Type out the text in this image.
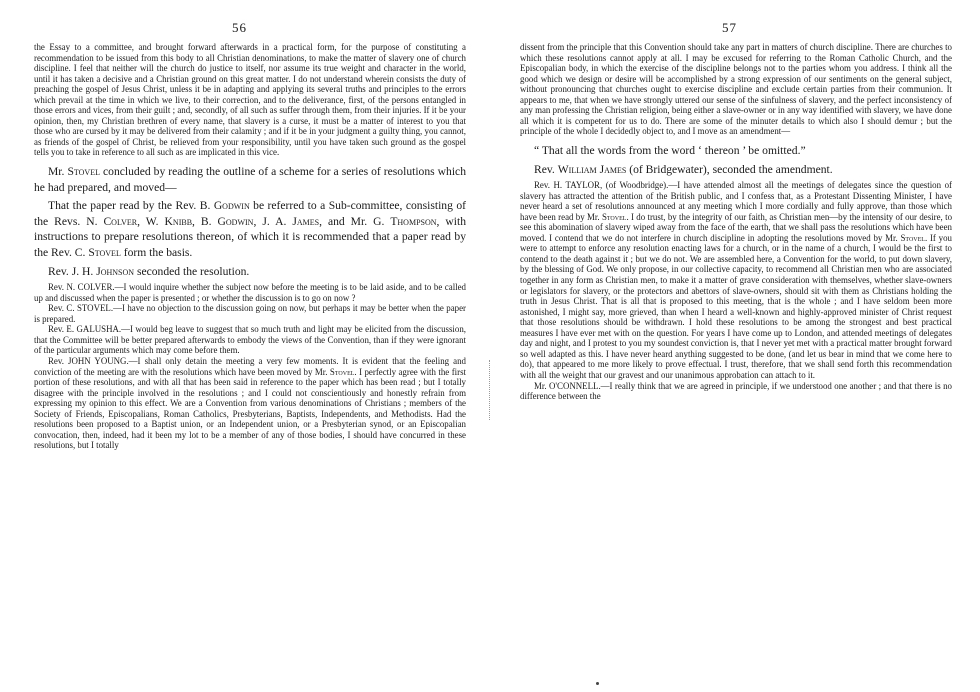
56

the Essay to a committee, and brought forward afterwards in a practical form, for the purpose of constituting a recommendation to be issued from this body to all Christian denominations, to make the matter of slavery one of church discipline. I feel that neither will the church do justice to itself, nor assume its true weight and character in the world, until it has taken a decisive and a Christian ground on this great matter. I do not understand wherein consists the duty of preaching the gospel of Jesus Christ, unless it be in adapting and applying its several truths and principles to the errors which prevail at the time in which we live, to their correction, and to the deliverance, first, of the persons entangled in those errors and vices, from their guilt ; and, secondly, of all such as suffer through them, from their injuries. If it be your opinion, then, my Christian brethren of every name, that slavery is a curse, it must be a matter of interest to you that those who are cursed by it may be delivered from their calamity ; and if it be in your judgment a guilty thing, you cannot, as friends of the gospel of Christ, be relieved from your responsibility, until you have taken such ground as the gospel tells you to take in reference to all such as are implicated in this vice.

Mr. Stovel concluded by reading the outline of a scheme for a series of resolutions which he had prepared, and moved—

That the paper read by the Rev. B. Godwin be referred to a Sub-committee, consisting of the Revs. N. Colver, W. Knibb, B. Godwin, J. A. James, and Mr. G. Thompson, with instructions to prepare resolutions thereon, of which it is recommended that a paper read by the Rev. C. Stovel form the basis.

Rev. J. H. Johnson seconded the resolution.

Rev. N. COLVER.—I would inquire whether the subject now before the meeting is to be laid aside, and to be called up and discussed when the paper is presented ; or whether the discussion is to go on now ?

Rev. C. STOVEL.—I have no objection to the discussion going on now, but perhaps it may be better when the paper is prepared.

Rev. E. GALUSHA.—I would beg leave to suggest that so much truth and light may be elicited from the discussion, that the Committee will be better prepared afterwards to embody the views of the Convention, than if they were ignorant of the particular arguments which may come before them.

Rev. JOHN YOUNG.—I shall only detain the meeting a very few moments. It is evident that the feeling and conviction of the meeting are with the resolutions which have been moved by Mr. Stovel. I perfectly agree with the first portion of these resolutions, and with all that has been said in reference to the paper which has been read ; but I totally disagree with the principle involved in the resolutions ; and I could not conscientiously and honestly refrain from expressing my opinion to this effect. We are a Convention from various denominations of Christians ; members of the Society of Friends, Episcopalians, Roman Catholics, Presbyterians, Baptists, Independents, and Methodists. Had the resolutions been proposed to a Baptist union, or an Independent union, or a Presbyterian synod, or an Episcopalian convocation, then, indeed, had it been my lot to be a member of any of those bodies, I should have concurred in these resolutions, but I totally

57

dissent from the principle that this Convention should take any part in matters of church discipline. There are churches to which these resolutions cannot apply at all. I may be excused for referring to the Roman Catholic Church, and the Episcopalian body, in which the exercise of the discipline belongs not to the parties whom you address. I think all the good which we design or desire will be accomplished by a strong expression of our sentiments on the general subject, without pronouncing that churches ought to exercise discipline and exclude certain parties from their communion. It appears to me, that when we have strongly uttered our sense of the sinfulness of slavery, and the perfect inconsistency of any man professing the Christian religion, being either a slave-owner or in any way identified with slavery, we have done all which it is competent for us to do. There are some of the minuter details to which also I should demur ; but the principle of the whole I decidedly object to, and I move as an amendment—

“ That all the words from the word ‘ thereon ’ be omitted.”

Rev. William James (of Bridgewater), seconded the amendment.

Rev. H. TAYLOR, (of Woodbridge).—I have attended almost all the meetings of delegates since the question of slavery has attracted the attention of the British public, and I confess that, as a Protestant Dissenting Minister, I have never heard a set of resolutions announced at any meeting which I more cordially and fully approve, than those which have been read by Mr. Stovel. I do trust, by the integrity of our faith, as Christian men—by the intensity of our desire, to see this abomination of slavery wiped away from the face of the earth, that we shall pass the resolutions which have been moved. I contend that we do not interfere in church discipline in adopting the resolutions moved by Mr. Stovel. If you were to attempt to enforce any resolution enacting laws for a church, or in the name of a church, I would be the first to contend to the death against it ; but we do not. We are assembled here, a Convention for the world, to put down slavery, by the blessing of God. We only propose, in our collective capacity, to recommend all Christian men who are associated together in any form as Christian men, to make it a matter of grave consideration with themselves, whether slave-owners or legislators for slavery, or the protectors and abettors of slave-owners, should sit with them as Christians holding the truth in Jesus Christ. That is all that is proposed to this meeting, that is the whole ; and I have seldom been more astonished, I might say, more grieved, than when I heard a well-known and highly-approved minister of Christ request that those resolutions should be withdrawn. I hold these resolutions to be among the strongest and best practical measures I have ever met with on the question. For years I have come up to London, and attended meetings of delegates day and night, and I protest to you my soundest conviction is, that I never yet met with a practical matter brought forward so well adapted as this. I have never heard anything suggested to be done, (and let us bear in mind that we come here to do), that appeared to me more likely to prove effectual. I trust, therefore, that we shall send forth this recommendation with all the weight that our gravest and our unanimous approbation can attach to it.

Mr. O'CONNELL.—I really think that we are agreed in principle, if we understood one another ; and that there is no difference between the
